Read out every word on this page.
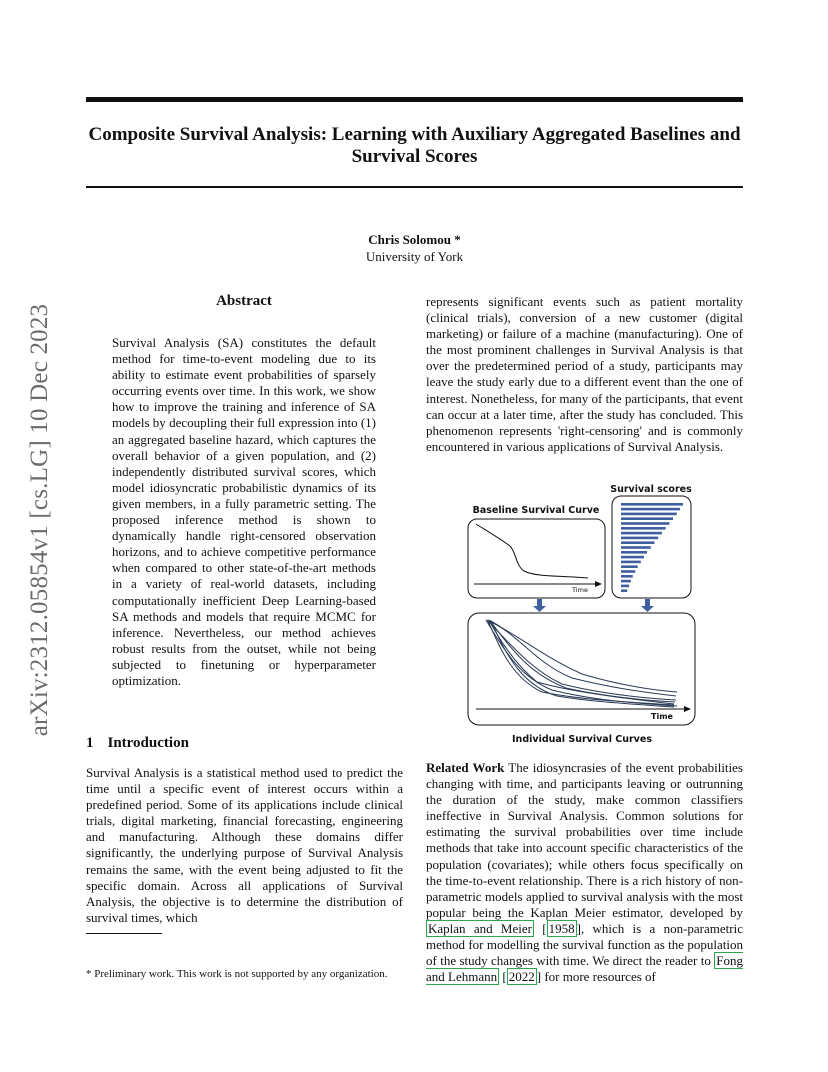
Composite Survival Analysis: Learning with Auxiliary Aggregated Baselines and Survival Scores
Chris Solomou *
University of York
arXiv:2312.05854v1 [cs.LG] 10 Dec 2023
Abstract
Survival Analysis (SA) constitutes the default method for time-to-event modeling due to its ability to estimate event probabilities of sparsely occurring events over time. In this work, we show how to improve the training and inference of SA models by decoupling their full expression into (1) an aggregated baseline hazard, which captures the overall behavior of a given population, and (2) independently distributed survival scores, which model idiosyncratic probabilistic dynamics of its given members, in a fully parametric setting. The proposed inference method is shown to dynamically handle right-censored observation horizons, and to achieve competitive performance when compared to other state-of-the-art methods in a variety of real-world datasets, including computationally inefficient Deep Learning-based SA methods and models that require MCMC for inference. Nevertheless, our method achieves robust results from the outset, while not being subjected to finetuning or hyperparameter optimization.
1 Introduction
Survival Analysis is a statistical method used to predict the time until a specific event of interest occurs within a predefined period. Some of its applications include clinical trials, digital marketing, financial forecasting, engineering and manufacturing. Although these domains differ significantly, the underlying purpose of Survival Analysis remains the same, with the event being adjusted to fit the specific domain. Across all applications of Survival Analysis, the objective is to determine the distribution of survival times, which
* Preliminary work. This work is not supported by any organization.
represents significant events such as patient mortality (clinical trials), conversion of a new customer (digital marketing) or failure of a machine (manufacturing). One of the most prominent challenges in Survival Analysis is that over the predetermined period of a study, participants may leave the study early due to a different event than the one of interest. Nonetheless, for many of the participants, that event can occur at a later time, after the study has concluded. This phenomenon represents 'right-censoring' and is commonly encountered in various applications of Survival Analysis.
Survival scores
Baseline Survival Curve
Time
Time
Individual Survival Curves
Related Work The idiosyncrasies of the event probabilities changing with time, and participants leaving or outrunning the duration of the study, make common classifiers ineffective in Survival Analysis. Common solutions for estimating the survival probabilities over time include methods that take into account specific characteristics of the population (covariates); while others focus specifically on the time-to-event relationship. There is a rich history of non-parametric models applied to survival analysis with the most popular being the Kaplan Meier estimator, developed by Kaplan and Meier [ 1958 ], which is a non-parametric method for modelling the survival function as the population of the study changes with time. We direct the reader to Fong and Lehmann [ 2022 ] for more resources of
